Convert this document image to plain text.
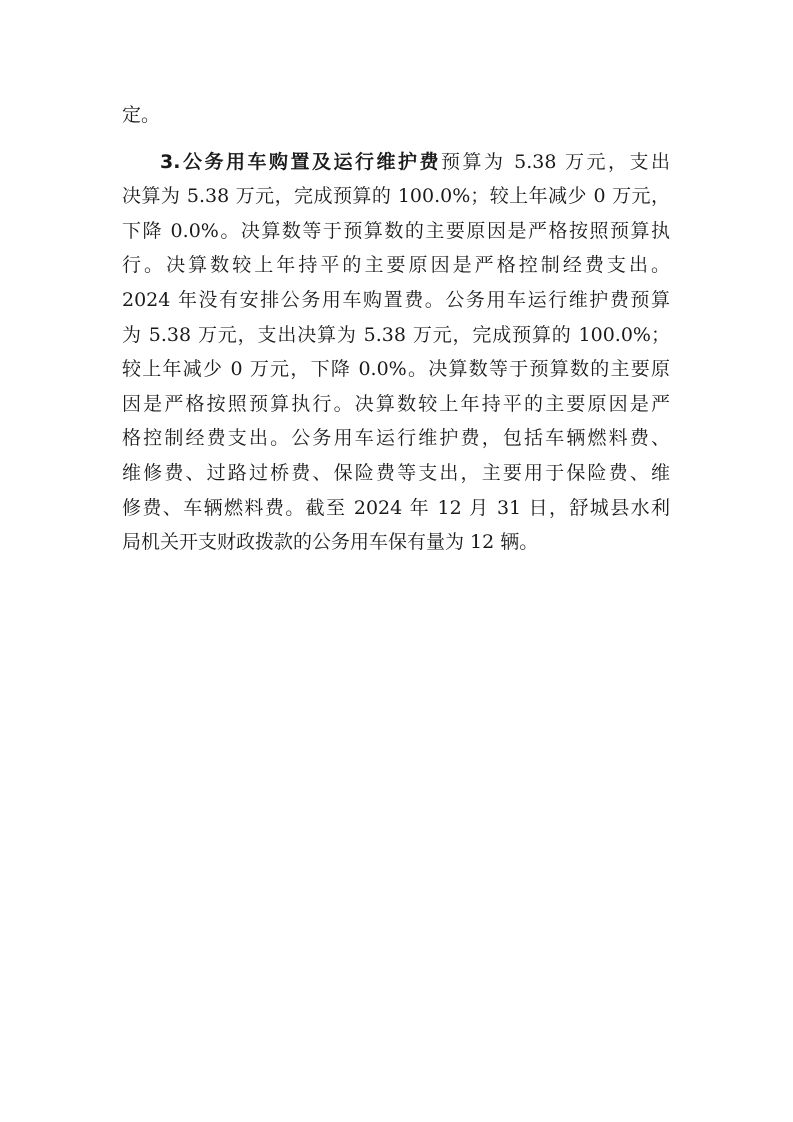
定。
3.公务用车购置及运行维护费预算为 5.38 万元，支出
决算为 5.38 万元，完成预算的 100.0%；较上年减少 0 万元，
下降 0.0%。决算数等于预算数的主要原因是严格按照预算执
行。决算数较上年持平的主要原因是严格控制经费支出。
2024 年没有安排公务用车购置费。公务用车运行维护费预算
为 5.38 万元，支出决算为 5.38 万元，完成预算的 100.0%；
较上年减少 0 万元，下降 0.0%。决算数等于预算数的主要原
因是严格按照预算执行。决算数较上年持平的主要原因是严
格控制经费支出。公务用车运行维护费，包括车辆燃料费、
维修费、过路过桥费、保险费等支出，主要用于保险费、维
修费、车辆燃料费。截至 2024 年 12 月 31 日，舒城县水利
局机关开支财政拨款的公务用车保有量为 12 辆。
